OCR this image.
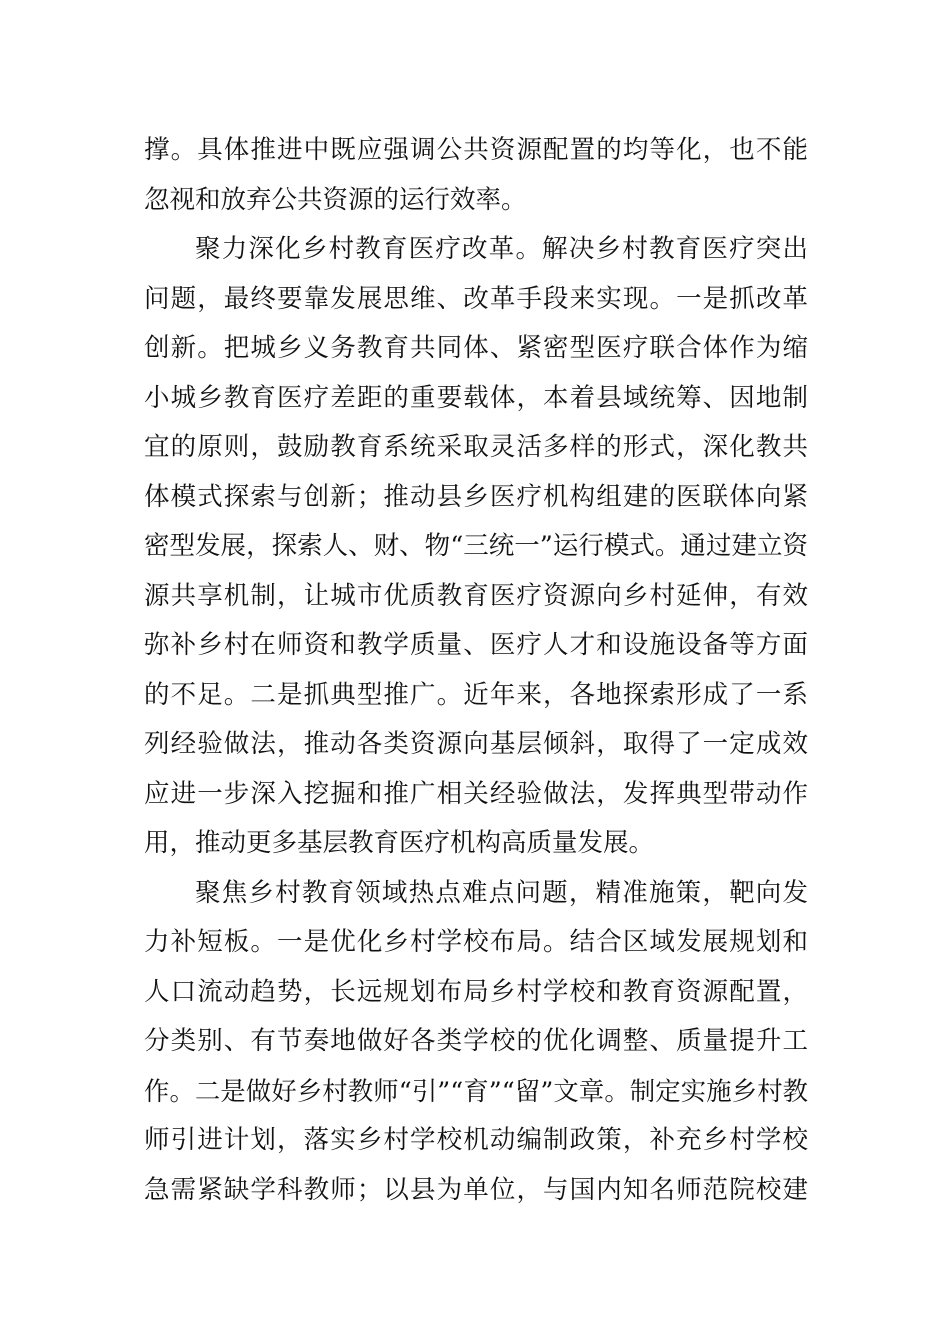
撑。具体推进中既应强调公共资源配置的均等化，也不能
忽视和放弃公共资源的运行效率。
聚力深化乡村教育医疗改革。解决乡村教育医疗突出
问题，最终要靠发展思维、改革手段来实现。一是抓改革
创新。把城乡义务教育共同体、紧密型医疗联合体作为缩
小城乡教育医疗差距的重要载体，本着县域统筹、因地制
宜的原则，鼓励教育系统采取灵活多样的形式，深化教共
体模式探索与创新；推动县乡医疗机构组建的医联体向紧
密型发展，探索人、财、物“三统一”运行模式。通过建立资
源共享机制，让城市优质教育医疗资源向乡村延伸，有效
弥补乡村在师资和教学质量、医疗人才和设施设备等方面
的不足。二是抓典型推广。近年来，各地探索形成了一系
列经验做法，推动各类资源向基层倾斜，取得了一定成效
应进一步深入挖掘和推广相关经验做法，发挥典型带动作
用，推动更多基层教育医疗机构高质量发展。
聚焦乡村教育领域热点难点问题，精准施策，靶向发
力补短板。一是优化乡村学校布局。结合区域发展规划和
人口流动趋势，长远规划布局乡村学校和教育资源配置，
分类别、有节奏地做好各类学校的优化调整、质量提升工
作。二是做好乡村教师“引”“育”“留”文章。制定实施乡村教
师引进计划，落实乡村学校机动编制政策，补充乡村学校
急需紧缺学科教师；以县为单位，与国内知名师范院校建
